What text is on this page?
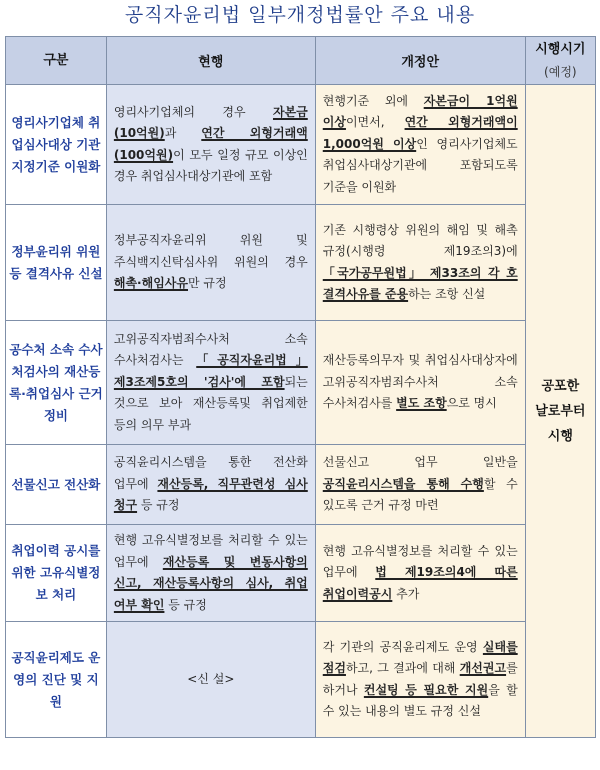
공직자윤리법 일부개정법률안 주요 내용
구분	현행	개정안	시행시기
(예정)

영리사기업체 취업심사대상 기관 지정기준 이원화	영리사기업체의 경우 자본금 (10억원)과 연간 외형거래액 (100억원)이 모두 일정 규모 이상인 경우 취업심사대상기관에 포함	현행기준 외에 자본금이 1억원 이상이면서, 연간 외형거래액이 1,000억원 이상인 영리사기업체도 취업심사대상기관에 포함되도록 기준을 이원화	공포한
날로부터
시행

정부윤리위 위원 등 결격사유 신설	정부공직자윤리위 위원 및 주식백지신탁심사위 위원의 경우 해촉·해임사유만 규정	기존 시행령상 위원의 해임 및 해촉 규정(시행령 제19조의3)에 「국가공무원법」 제33조의 각 호 결격사유를 준용하는 조항 신설	

공수처 소속 수사처검사의 재산등록·취업심사 근거 정비	고위공직자범죄수사처 소속 수사처검사는 「공직자윤리법」 제3조제5호의 '검사'에 포함되는 것으로 보아 재산등록및 취업제한 등의 의무 부과	재산등록의무자 및 취업심사대상자에 고위공직자범죄수사처 소속 수사처검사를 별도 조항으로 명시	

선물신고 전산화	공직윤리시스템을 통한 전산화 업무에 재산등록, 직무관련성 심사 청구 등 규정	선물신고 업무 일반을 공직윤리시스템을 통해 수행할 수 있도록 근거 규정 마련	

취업이력 공시를 위한 고유식별정보 처리	현행 고유식별정보를 처리할 수 있는 업무에 재산등록 및 변동사항의 신고, 재산등록사항의 심사, 취업 여부 확인 등 규정	현행 고유식별정보를 처리할 수 있는 업무에 법 제19조의4에 따른 취업이력공시 추가	

공직윤리제도 운영의 진단 및 지원	<신 설>	각 기관의 공직윤리제도 운영 실태를 점검하고, 그 결과에 대해 개선권고를 하거나 컨설팅 등 필요한 지원을 할 수 있는 내용의 별도 규정 신설	
